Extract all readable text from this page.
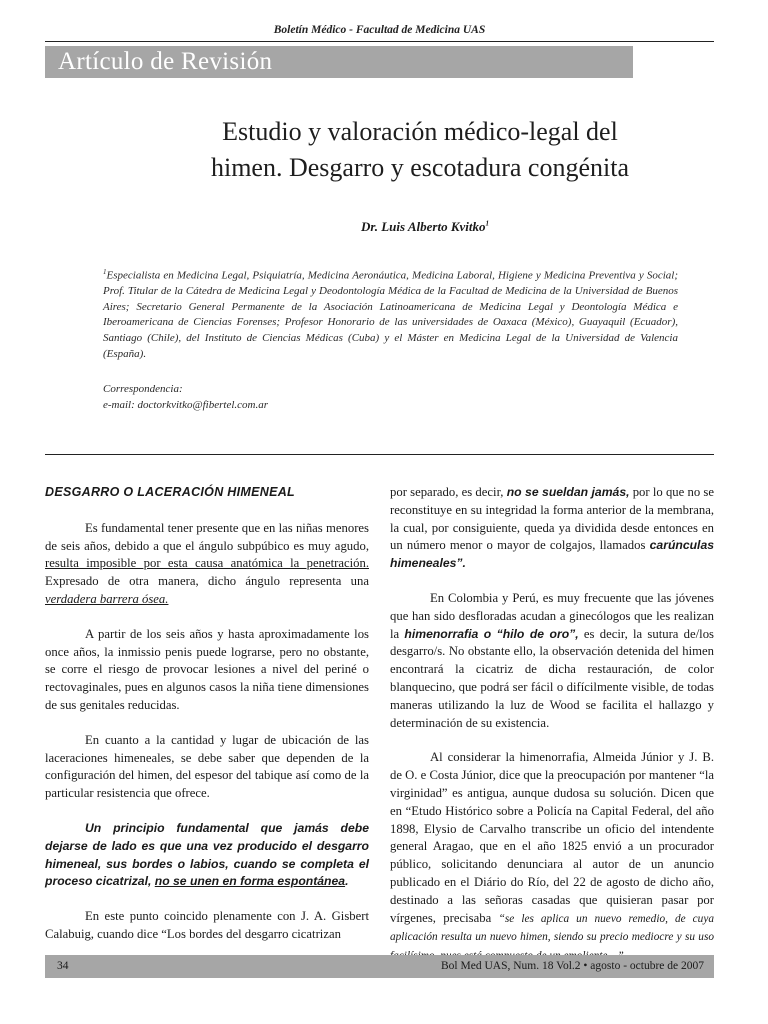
Boletín Médico - Facultad de Medicina UAS
Artículo de Revisión
Estudio y valoración médico-legal del
himen. Desgarro y escotadura congénita
Dr. Luis Alberto Kvitko$^1$
$^1$Especialista en Medicina Legal, Psiquiatría, Medicina Aeronáutica, Medicina Laboral, Higiene y Medicina Preventiva y Social; Prof. Titular de la Cátedra de Medicina Legal y Deodontología Médica de la Facultad de Medicina de la Universidad de Buenos Aires; Secretario General Permanente de la Asociación Latinoamericana de Medicina Legal y Deontología Médica e Iberoamericana de Ciencias Forenses; Profesor Honorario de las universidades de Oaxaca (México), Guayaquil (Ecuador), Santiago (Chile), del Instituto de Ciencias Médicas (Cuba) y el Máster en Medicina Legal de la Universidad de Valencia (España).
Correspondencia:
e-mail: doctorkvitko@fibertel.com.ar

DESGARRO O LACERACIÓN HIMENEAL

Es fundamental tener presente que en las niñas menores de seis años, debido a que el ángulo subpúbico es muy agudo, resulta imposible por esta causa anatómica la penetración. Expresado de otra manera, dicho ángulo representa una verdadera barrera ósea.

A partir de los seis años y hasta aproximadamente los once años, la inmissio penis puede lograrse, pero no obstante, se corre el riesgo de provocar lesiones a nivel del periné o rectovaginales, pues en algunos casos la niña tiene dimensiones de sus genitales reducidas.

En cuanto a la cantidad y lugar de ubicación de las laceraciones himeneales, se debe saber que dependen de la configuración del himen, del espesor del tabique así como de la particular resistencia que ofrece.

Un principio fundamental que jamás debe dejarse de lado es que una vez producido el desgarro himeneal, sus bordes o labios, cuando se completa el proceso cicatrizal, no se unen en forma espontánea.

En este punto coincido plenamente con J. A. Gisbert Calabuig, cuando dice “Los bordes del desgarro cicatrizan

por separado, es decir, no se sueldan jamás, por lo que no se reconstituye en su integridad la forma anterior de la membrana, la cual, por consiguiente, queda ya dividida desde entonces en un número menor o mayor de colgajos, llamados carúnculas himeneales”.

En Colombia y Perú, es muy frecuente que las jóvenes que han sido desfloradas acudan a ginecólogos que les realizan la himenorrafia o “hilo de oro”, es decir, la sutura de/los desgarro/s. No obstante ello, la observación detenida del himen encontrará la cicatriz de dicha restauración, de color blanquecino, que podrá ser fácil o difícilmente visible, de todas maneras utilizando la luz de Wood se facilita el hallazgo y determinación de su existencia.

Al considerar la himenorrafia, Almeida Júnior y J. B. de O. e Costa Júnior, dice que la preocupación por mantener “la virginidad” es antigua, aunque dudosa su solución. Dicen que en “Etudo Histórico sobre a Policía na Capital Federal, del año 1898, Elysio de Carvalho transcribe un oficio del intendente general Aragao, que en el año 1825 envió a un procurador público, solicitando denunciara al autor de un anuncio publicado en el Diário do Río, del 22 de agosto de dicho año, destinado a las señoras casadas que quisieran pasar por vírgenes, precisaba “se les aplica un nuevo remedio, de cuya aplicación resulta un nuevo himen, siendo su precio mediocre y su uso

34	Bol Med UAS, Num. 18 Vol.2 • agosto - octubre de 2007
